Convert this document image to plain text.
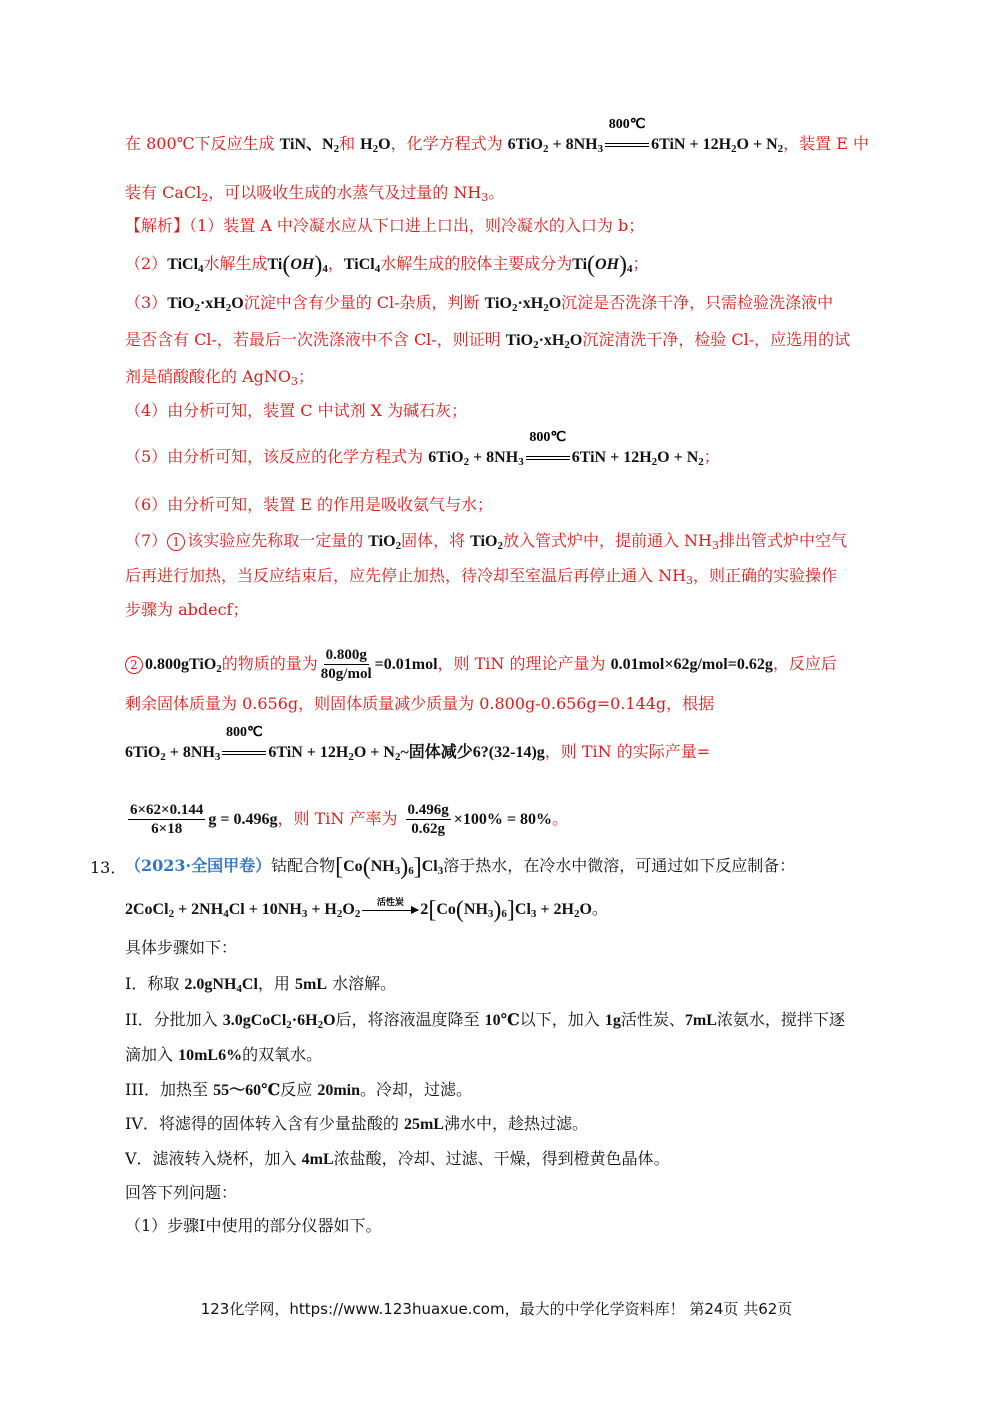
在 800℃下反应生成 TiN、$N_2$和 $H_2O$，化学方程式为 $6TiO_2 + 8NH_3$
800℃
$6TiN + 12H_2O + N_2$，装置 E 中
装有 CaCl$_2$，可以吸收生成的水蒸气及过量的 $NH_3$。
【解析】（1）装置 A 中冷凝水应从下口进上口出，则冷凝水的入口为 b；
（2）TiCl$_4$水解生成$Ti(OH)_4$，TiCl$_4$水解生成的胶体主要成分为$Ti(OH)_4$；
$(3)TiO_2\cdot xH_2O$沉淀中含有少量的 Cl-杂质，判断 $TiO_2\cdot xH_2O$沉淀是否洗涤干净，只需检验洗涤液中
是否含有 Cl-，若最后一次洗涤液中不含 Cl-，则证明 $TiO_2\cdot xH_2O$沉淀清洗干净，检验 Cl-，应选用的试
剂是硝酸酸化的 AgNO$_3$；
（4）由分析可知，装置 C 中试剂 X 为碱石灰；
（5）由分析可知，该反应的化学方程式为 $6TiO_2 + 8NH_3$
800℃
$6TiN + 12H_2O + N_2$；
（6）由分析可知，装置 E 的作用是吸收氨气与水；
（7） 1 该实验应先称取一定量的 TiO$_2$固体，将 TiO$_2$放入管式炉中，提前通入 $NH_3$排出管式炉中空气
后再进行加热，当反应结束后，应先停止加热，待冷却至室温后再停止通入 $NH_3$，则正确的实验操作
步骤为 abdecf；
2 0.800gTiO$_2$的物质的量为 $\frac{0.800g}{\text{80g/mol}} =0.01mol$，则 TiN 的理论产量为 0.01mol×62g/mol=0.62g，反应后
剩余固体质量为 0.656g，则固体质量减少质量为 0.800g-0.656g=0.144g，根据
$6TiO_2 + 8NH_3$
800℃
$6TiN + 12H_2O$ + $N_2\sim$固体减少6?(32-14)g，则 TiN 的实际产量=
$\frac{6\times 62\times 0.144}{6\times 18}$ g = 0.496g，则 TiN 产率为 $\frac{0.496g}{0.62g} \times 100\% = 80\%$。
13．
（2023·全国甲卷）钴配合物$[Co(NH_3)_6]Cl_3$溶于热水，在冷水中微溶，可通过如下反应制备：
2CoCl$_2$ + $2NH_4Cl + 10NH_3 + H_2O_2$
活性炭	$2[Co(NH_3)_6]Cl_3 + 2H_2O$。
具体步骤如下：
I．称取 2.0gNH$_4$Cl，用 5mL 水溶解。
II．分批加入 $3.0gCoCl_2\cdot 6H_2O$后，将溶液温度降至 10℃以下，加入 1g活性炭、7mL浓氨水，搅拌下逐
滴加入 10mL6%的双氧水。
III．加热至 55～60℃反应 20min。冷却，过滤。
IV．将滤得的固体转入含有少量盐酸的 25mL沸水中，趁热过滤。
V．滤液转入烧杯，加入 4mL浓盐酸，冷却、过滤、干燥，得到橙黄色晶体。
回答下列问题：
（1）步骤I中使用的部分仪器如下。
123化学网，https://www.123huaxue.com，最大的中学化学资料库！ 第24页 共62页
